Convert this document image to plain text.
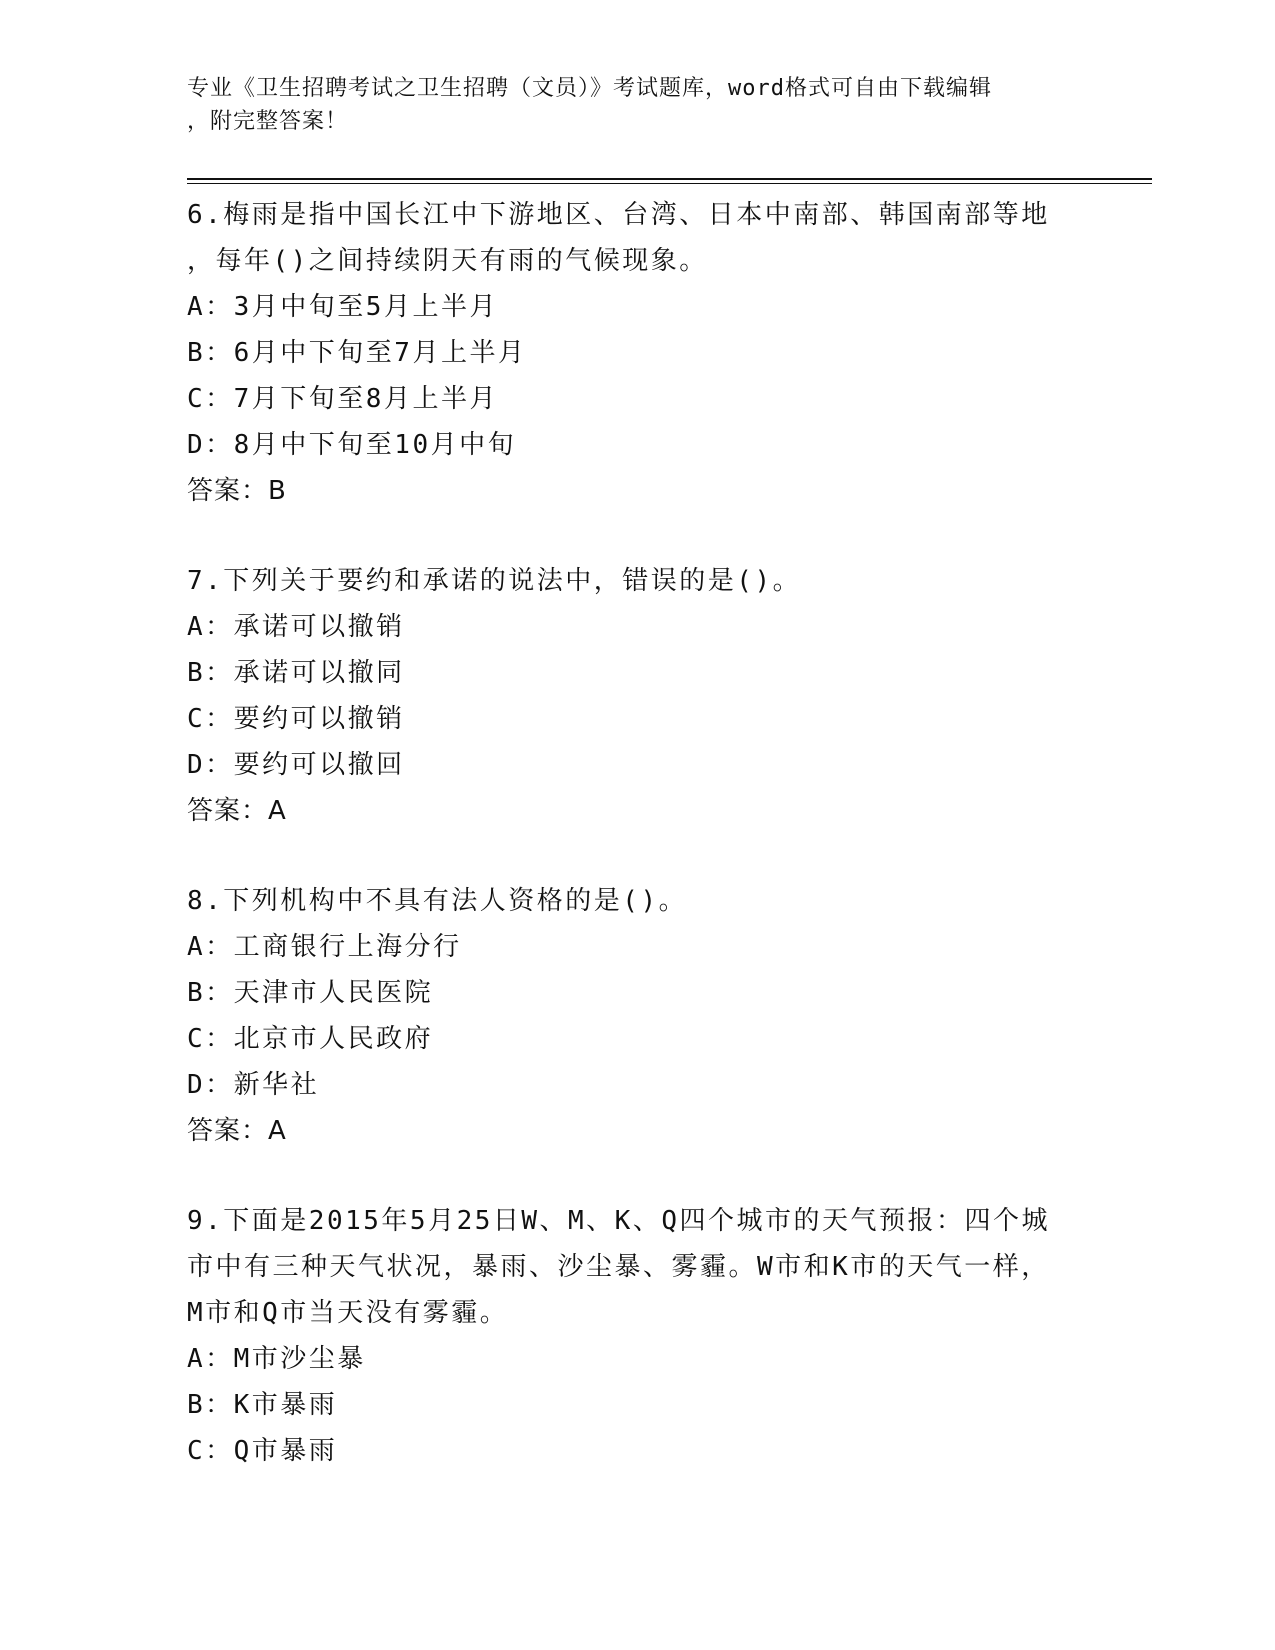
专业《卫生招聘考试之卫生招聘（文员）》考试题库，word格式可自由下载编辑
，附完整答案！
6.梅雨是指中国长江中下游地区、台湾、日本中南部、韩国南部等地
，每年()之间持续阴天有雨的气候现象。
A：3月中旬至5月上半月
B：6月中下旬至7月上半月
C：7月下旬至8月上半月
D：8月中下旬至10月中旬
答案：B
7.下列关于要约和承诺的说法中，错误的是()。
A：承诺可以撤销
B：承诺可以撤同
C：要约可以撤销
D：要约可以撤回
答案：A
8.下列机构中不具有法人资格的是()。
A：工商银行上海分行
B：天津市人民医院
C：北京市人民政府
D：新华社
答案：A
9.下面是2015年5月25日W、M、K、Q四个城市的天气预报：四个城
市中有三种天气状况，暴雨、沙尘暴、雾霾。W市和K市的天气一样，
M市和Q市当天没有雾霾。
A：M市沙尘暴
B：K市暴雨
C：Q市暴雨
